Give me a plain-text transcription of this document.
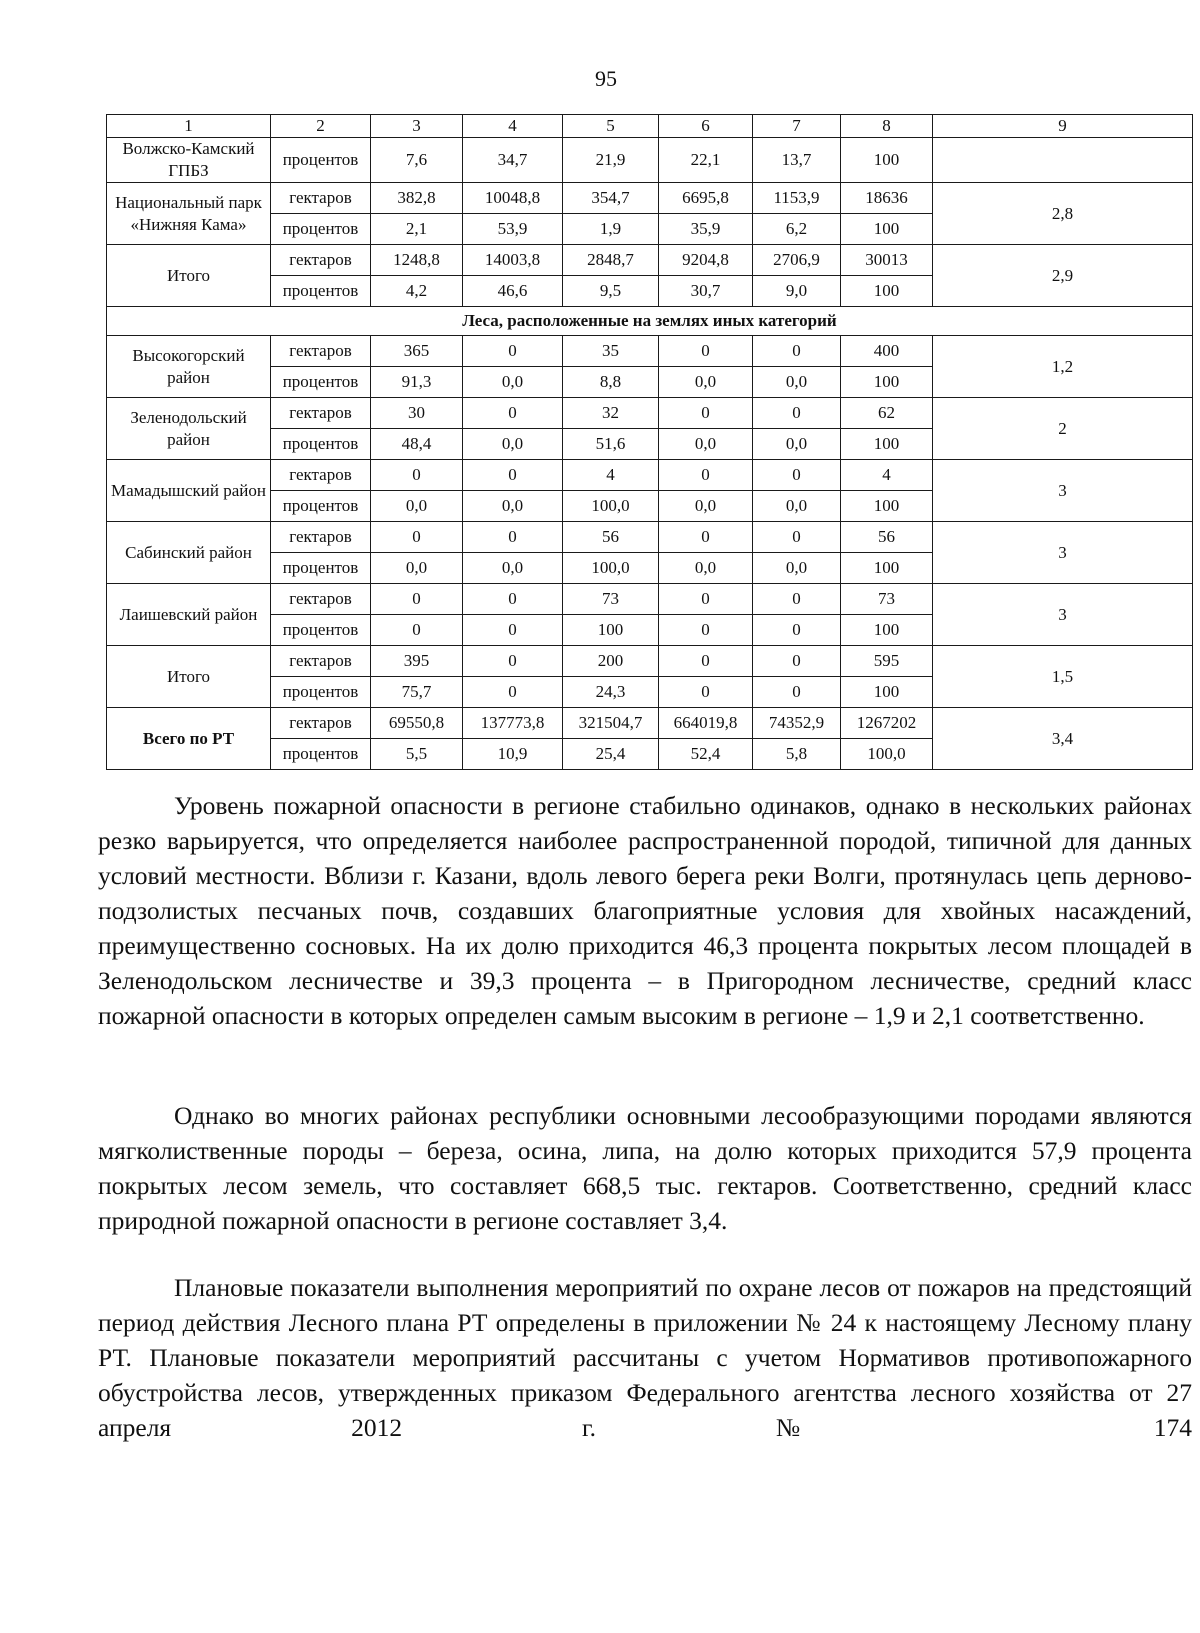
95
1	2	3	4	5	6	7	8	9
Волжско-Камский ГПБЗ	процентов	7,6	34,7	21,9	22,1	13,7	100	
Национальный парк «Нижняя Кама»	гектаров	382,8	10048,8	354,7	6695,8	1153,9	18636	2,8
	процентов	2,1	53,9	1,9	35,9	6,2	100	
Итого	гектаров	1248,8	14003,8	2848,7	9204,8	2706,9	30013	2,9
	процентов	4,2	46,6	9,5	30,7	9,0	100	
Леса, расположенные на землях иных категорий								
Высокогорский район	гектаров	365	0	35	0	0	400	1,2
	процентов	91,3	0,0	8,8	0,0	0,0	100	
Зеленодольский район	гектаров	30	0	32	0	0	62	2
	процентов	48,4	0,0	51,6	0,0	0,0	100	
Мамадышский район	гектаров	0	0	4	0	0	4	3
	процентов	0,0	0,0	100,0	0,0	0,0	100	
Сабинский район	гектаров	0	0	56	0	0	56	3
	процентов	0,0	0,0	100,0	0,0	0,0	100	
Лаишевский район	гектаров	0	0	73	0	0	73	3
	процентов	0	0	100	0	0	100	
Итого	гектаров	395	0	200	0	0	595	1,5
	процентов	75,7	0	24,3	0	0	100	
Всего по РТ	гектаров	69550,8	137773,8	321504,7	664019,8	74352,9	1267202	3,4
	процентов	5,5	10,9	25,4	52,4	5,8	100,0	

Уровень пожарной опасности в регионе стабильно одинаков, однако в нескольких районах резко варьируется, что определяется наиболее распространенной породой, типичной для данных условий местности. Вблизи г. Казани, вдоль левого берега реки Волги, протянулась цепь дерново-подзолистых песчаных почв, создавших благоприятные условия для хвойных насаждений, преимущественно сосновых. На их долю приходится 46,3 процента покрытых лесом площадей в Зеленодольском лесничестве и 39,3 процента – в Пригородном лесничестве, средний класс пожарной опасности в которых определен самым высоким в регионе – 1,9 и 2,1 соответственно.

Однако во многих районах республики основными лесообразующими породами являются мягколиственные породы – береза, осина, липа, на долю которых приходится 57,9 процента покрытых лесом земель, что составляет 668,5 тыс. гектаров. Соответственно, средний класс природной пожарной опасности в регионе составляет 3,4.

Плановые показатели выполнения мероприятий по охране лесов от пожаров на предстоящий период действия Лесного плана РТ определены в приложении № 24 к настоящему Лесному плану РТ. Плановые показатели мероприятий рассчитаны с учетом Нормативов противопожарного обустройства лесов, утвержденных приказом Федерального агентства лесного хозяйства от 27 апреля 2012 г. № 174
